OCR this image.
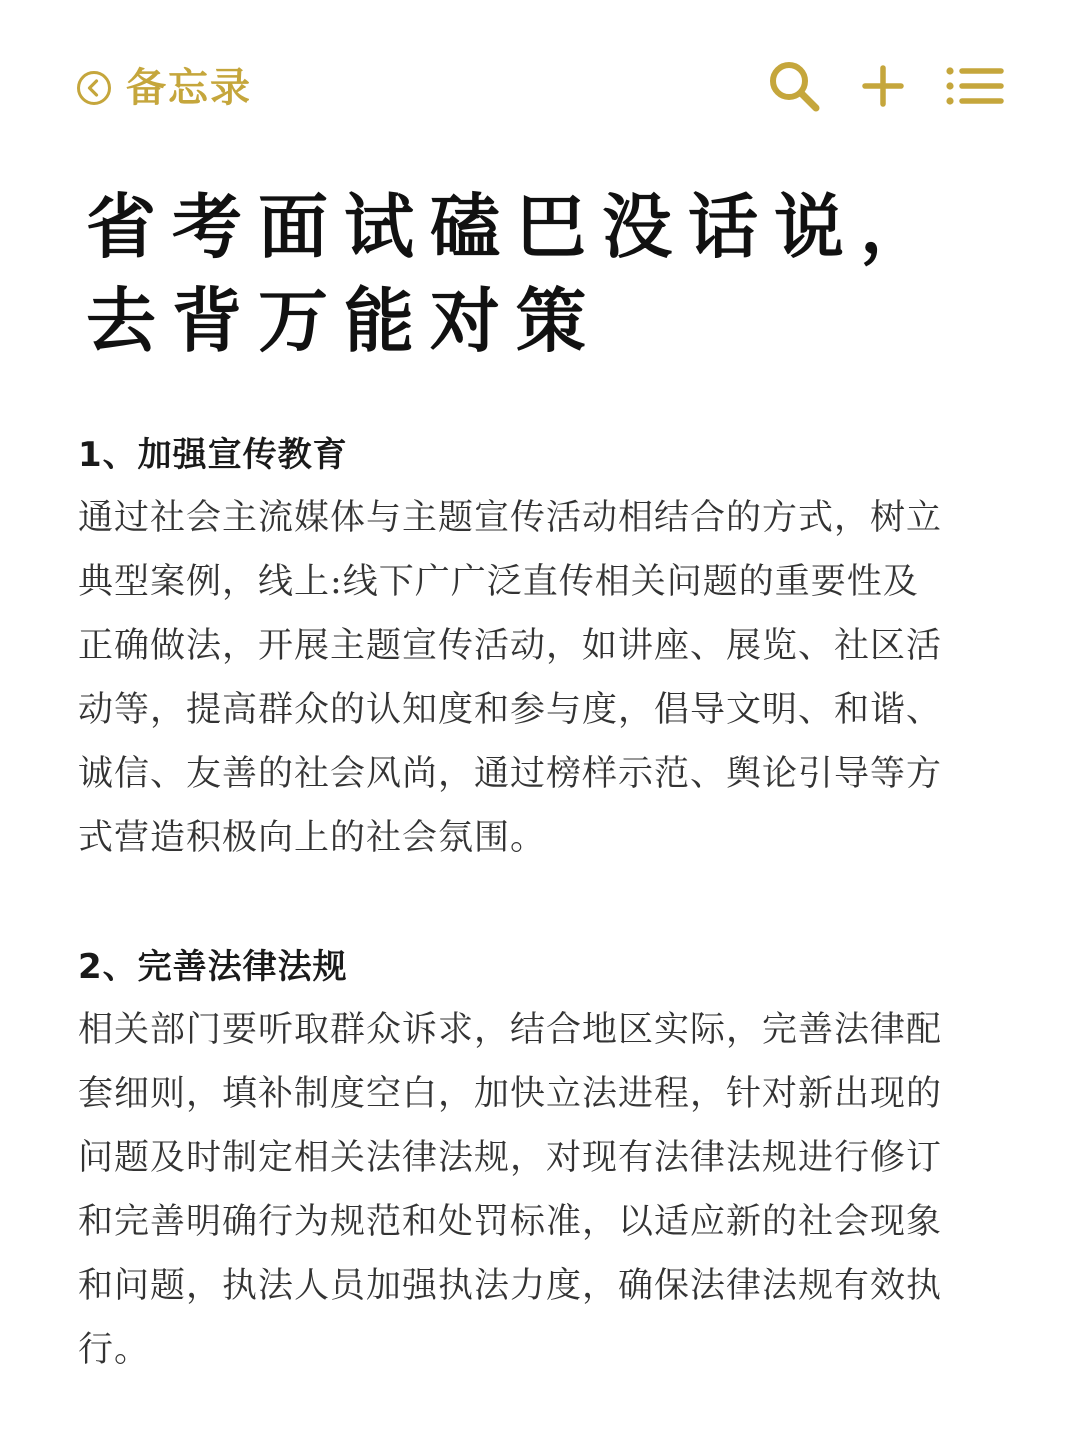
备忘录
省考面试磕巴没话说，
去背万能对策
1、加强宣传教育

通过社会主流媒体与主题宣传活动相结合的方式，树立
典型案例，线上:线下广广泛直传相关问题的重要性及
正确做法，开展主题宣传活动，如讲座、展览、社区活
动等，提高群众的认知度和参与度，倡导文明、和谐、
诚信、友善的社会风尚，通过榜样示范、舆论引导等方
式营造积极向上的社会氛围。

2、完善法律法规

相关部门要听取群众诉求，结合地区实际，完善法律配
套细则，填补制度空白，加快立法进程，针对新出现的
问题及时制定相关法律法规，对现有法律法规进行修订
和完善明确行为规范和处罚标准，以适应新的社会现象
和问题，执法人员加强执法力度，确保法律法规有效执
行。
